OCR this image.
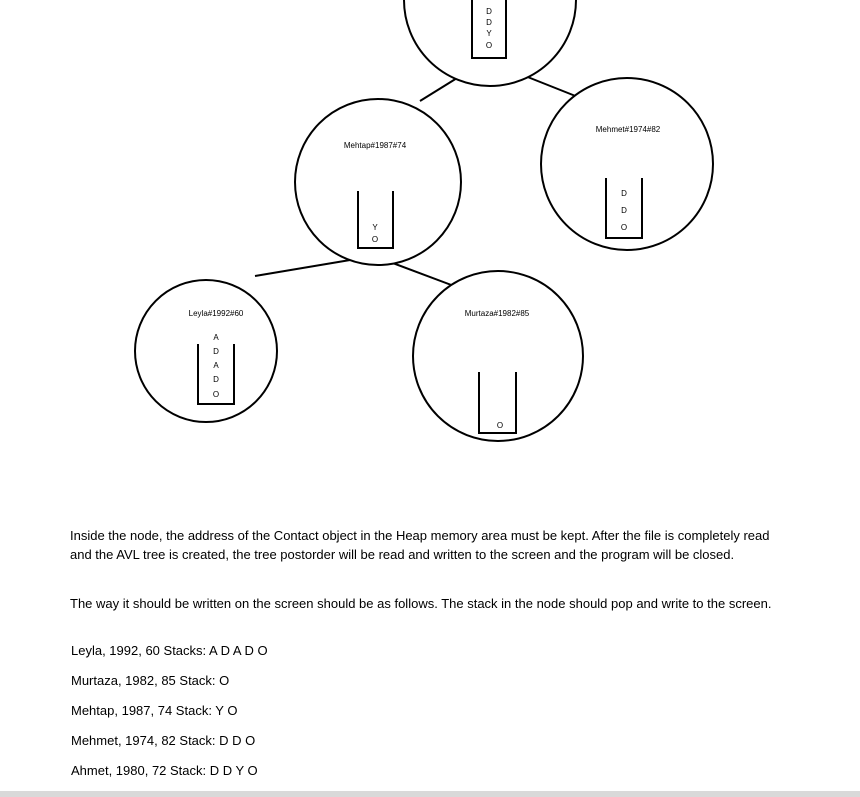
D
D
Y
O
Mehtap#1987#74
Y
O
Mehmet#1974#82
D
D
O
Leyla#1992#60
A
D
A
D
O
Murtaza#1982#85
O

Inside the node, the address of the Contact object in the Heap memory area must be kept. After the file is completely read and the AVL tree is created, the tree postorder will be read and written to the screen and the program will be closed.

The way it should be written on the screen should be as follows. The stack in the node should pop and write to the screen.

Leyla, 1992, 60 Stacks: A D A D O

Murtaza, 1982, 85 Stack: O

Mehtap, 1987, 74 Stack: Y O

Mehmet, 1974, 82 Stack: D D O

Ahmet, 1980, 72 Stack: D D Y O
